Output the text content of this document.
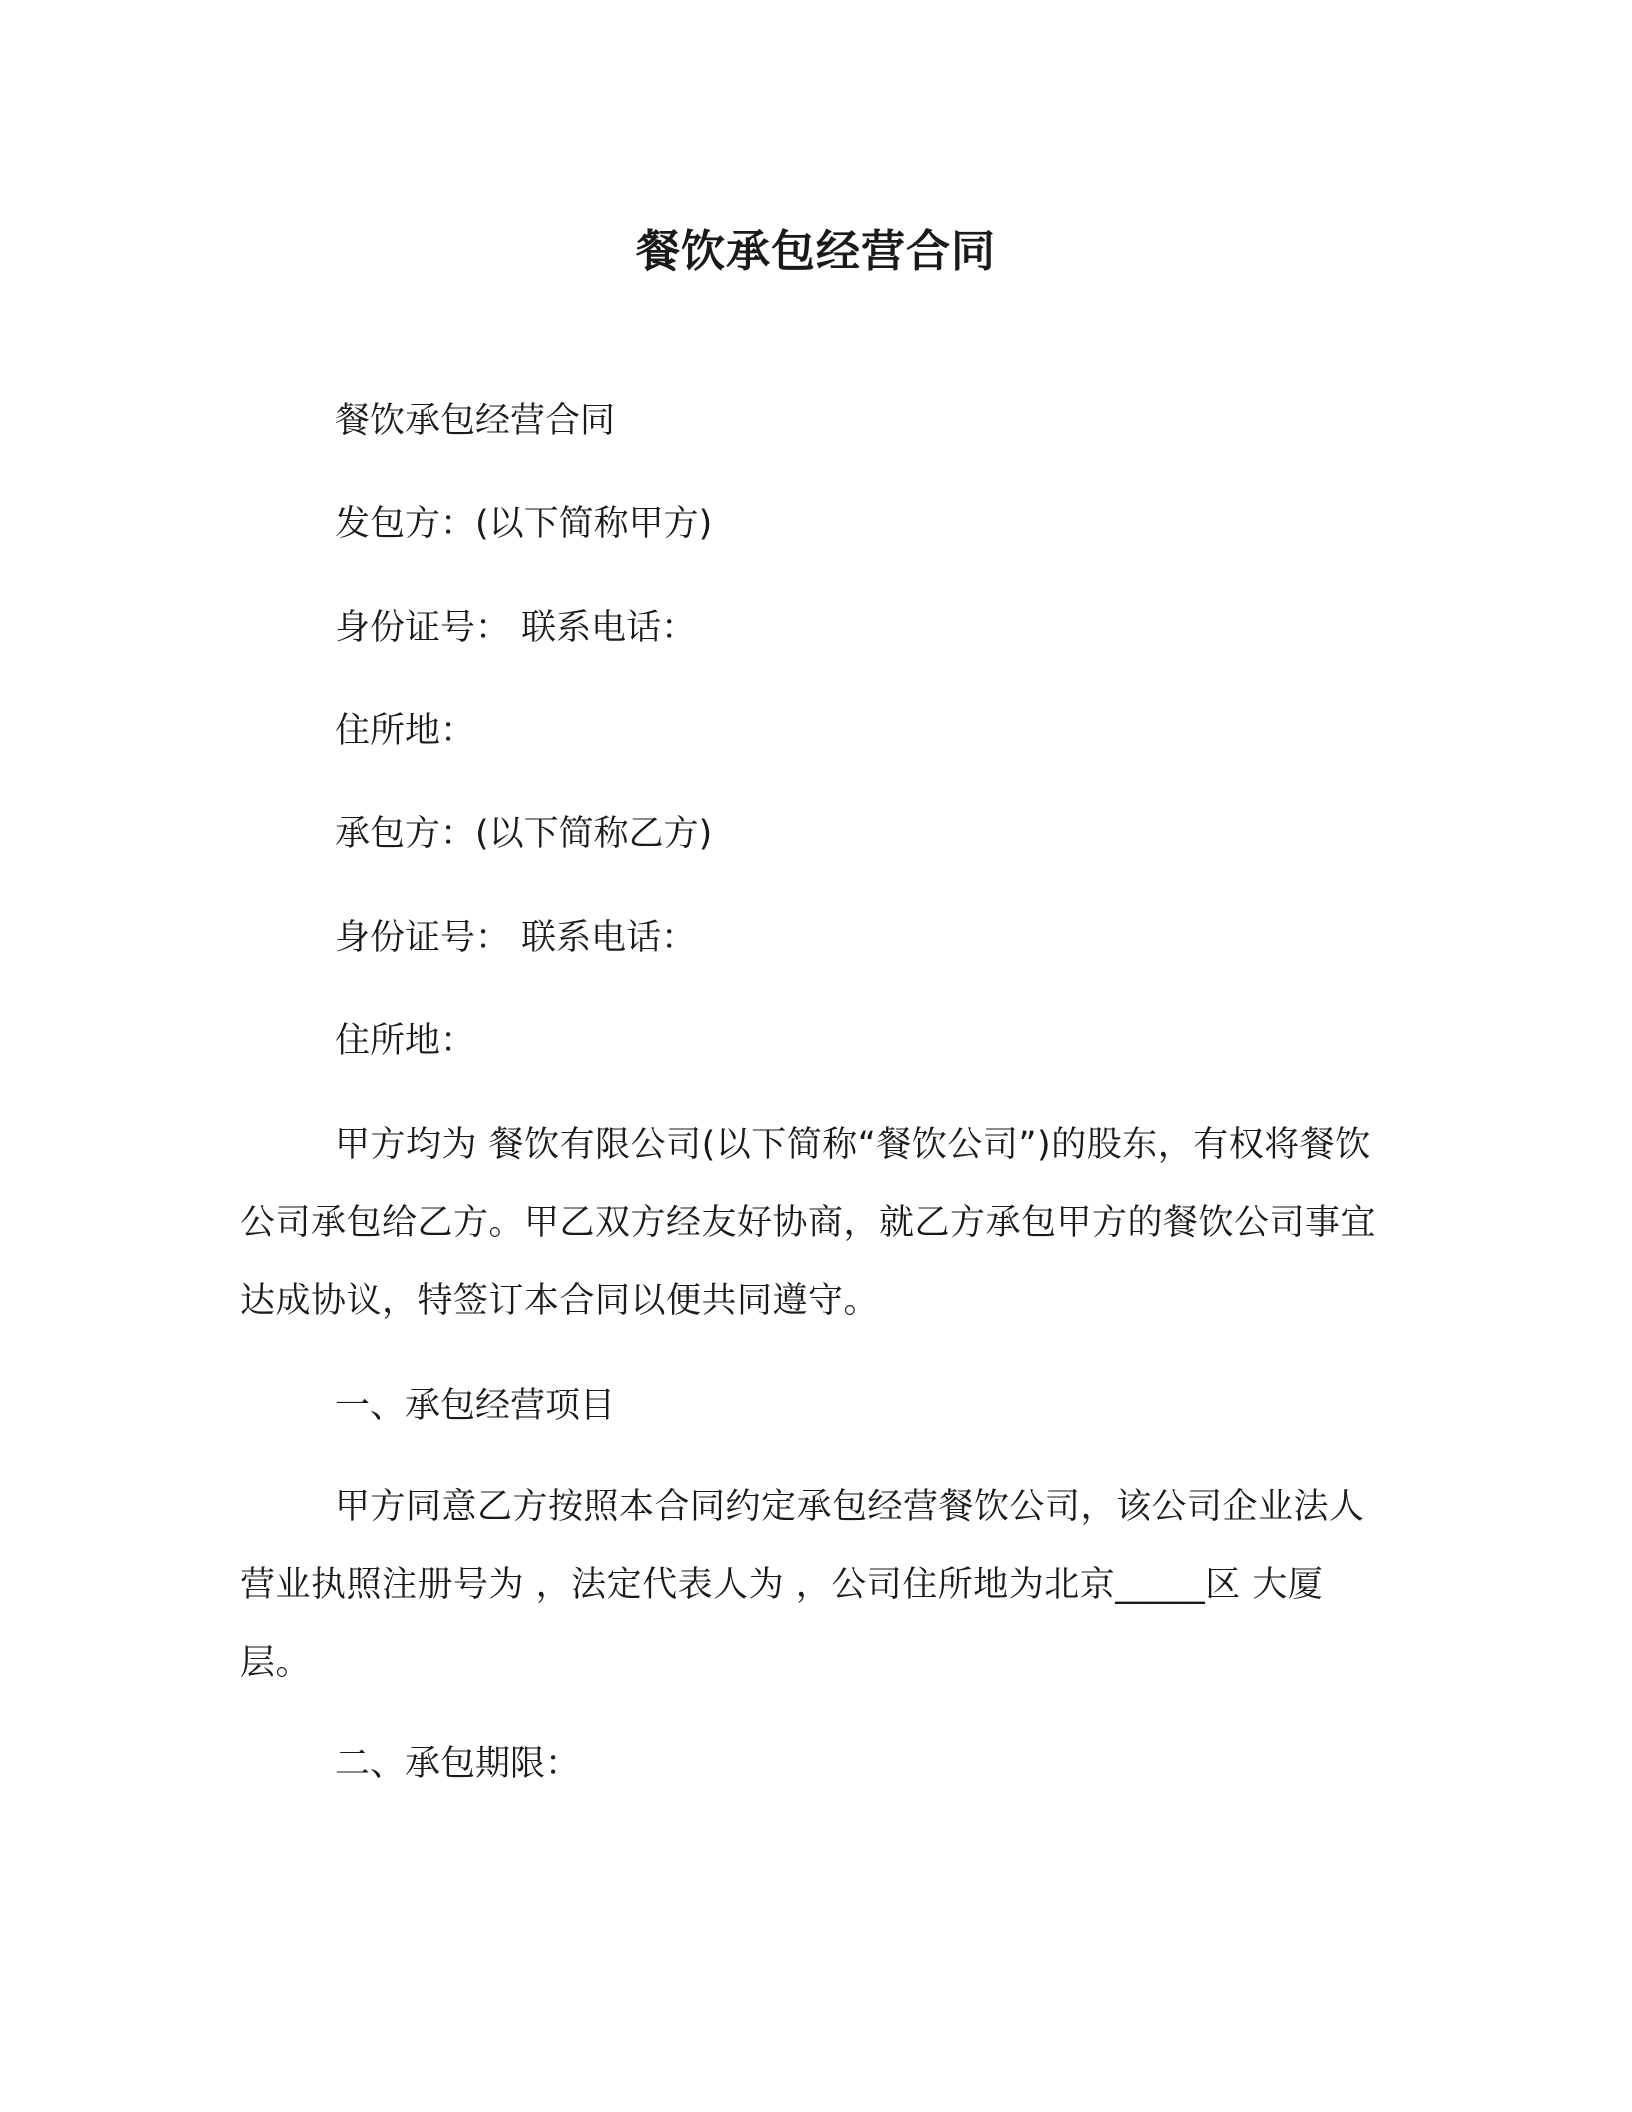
餐饮承包经营合同
餐饮承包经营合同
发包方：(以下简称甲方)
身份证号： 联系电话：
住所地：
承包方：(以下简称乙方)
身份证号： 联系电话：
住所地：
甲方均为 餐饮有限公司(以下简称“餐饮公司”)的股东，有权将餐饮公司承包给乙方。甲乙双方经友好协商，就乙方承包甲方的餐饮公司事宜达成协议，特签订本合同以便共同遵守。
一、承包经营项目
甲方同意乙方按照本合同约定承包经营餐饮公司，该公司企业法人营业执照注册号为 ，法定代表人为 ，公司住所地为北京_____区 大厦 层。
二、承包期限：
